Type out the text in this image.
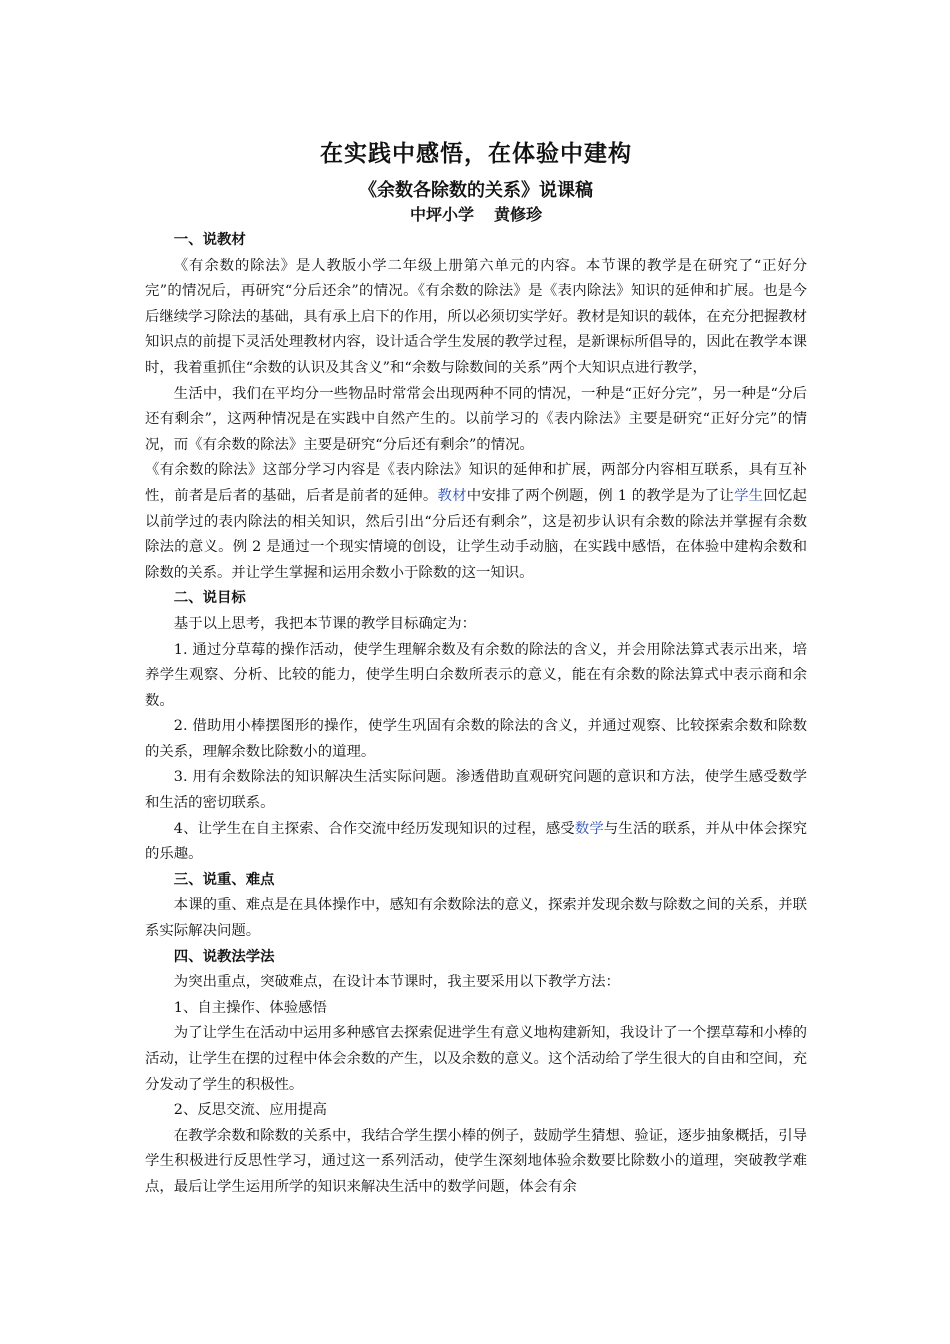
在实践中感悟，在体验中建构
《余数各除数的关系》说课稿
中坪小学 黄修珍
一、说教材

《有余数的除法》是人教版小学二年级上册第六单元的内容。本节课的教学是在研究了“正好分完”的情况后，再研究“分后还余”的情况。《有余数的除法》是《表内除法》知识的延伸和扩展。也是今后继续学习除法的基础，具有承上启下的作用，所以必须切实学好。教材是知识的载体，在充分把握教材知识点的前提下灵活处理教材内容，设计适合学生发展的教学过程，是新课标所倡导的，因此在教学本课时，我着重抓住“余数的认识及其含义”和“余数与除数间的关系”两个大知识点进行教学，

生活中，我们在平均分一些物品时常常会出现两种不同的情况，一种是“正好分完”，另一种是“分后还有剩余”，这两种情况是在实践中自然产生的。以前学习的《表内除法》主要是研究“正好分完”的情况，而《有余数的除法》主要是研究“分后还有剩余”的情况。

《有余数的除法》这部分学习内容是《表内除法》知识的延伸和扩展，两部分内容相互联系，具有互补性，前者是后者的基础，后者是前者的延伸。教材中安排了两个例题，例 1 的教学是为了让学生回忆起以前学过的表内除法的相关知识，然后引出“分后还有剩余”，这是初步认识有余数的除法并掌握有余数除法的意义。例 2 是通过一个现实情境的创设，让学生动手动脑，在实践中感悟，在体验中建构余数和除数的关系。并让学生掌握和运用余数小于除数的这一知识。

二、说目标

基于以上思考，我把本节课的教学目标确定为：

1. 通过分草莓的操作活动，使学生理解余数及有余数的除法的含义，并会用除法算式表示出来，培养学生观察、分析、比较的能力，使学生明白余数所表示的意义，能在有余数的除法算式中表示商和余数。

2. 借助用小棒摆图形的操作，使学生巩固有余数的除法的含义，并通过观察、比较探索余数和除数的关系，理解余数比除数小的道理。

3. 用有余数除法的知识解决生活实际问题。渗透借助直观研究问题的意识和方法，使学生感受数学和生活的密切联系。

4、让学生在自主探索、合作交流中经历发现知识的过程，感受数学与生活的联系，并从中体会探究的乐趣。

三、说重、难点

本课的重、难点是在具体操作中，感知有余数除法的意义，探索并发现余数与除数之间的关系，并联系实际解决问题。

四、说教法学法

为突出重点，突破难点，在设计本节课时，我主要采用以下教学方法：

1、自主操作、体验感悟

为了让学生在活动中运用多种感官去探索促进学生有意义地构建新知，我设计了一个摆草莓和小棒的活动，让学生在摆的过程中体会余数的产生，以及余数的意义。这个活动给了学生很大的自由和空间，充分发动了学生的积极性。

2、反思交流、应用提高

在教学余数和除数的关系中，我结合学生摆小棒的例子，鼓励学生猜想、验证，逐步抽象概括，引导学生积极进行反思性学习，通过这一系列活动，使学生深刻地体验余数要比除数小的道理，突破教学难点，最后让学生运用所学的知识来解决生活中的数学问题，体会有余
